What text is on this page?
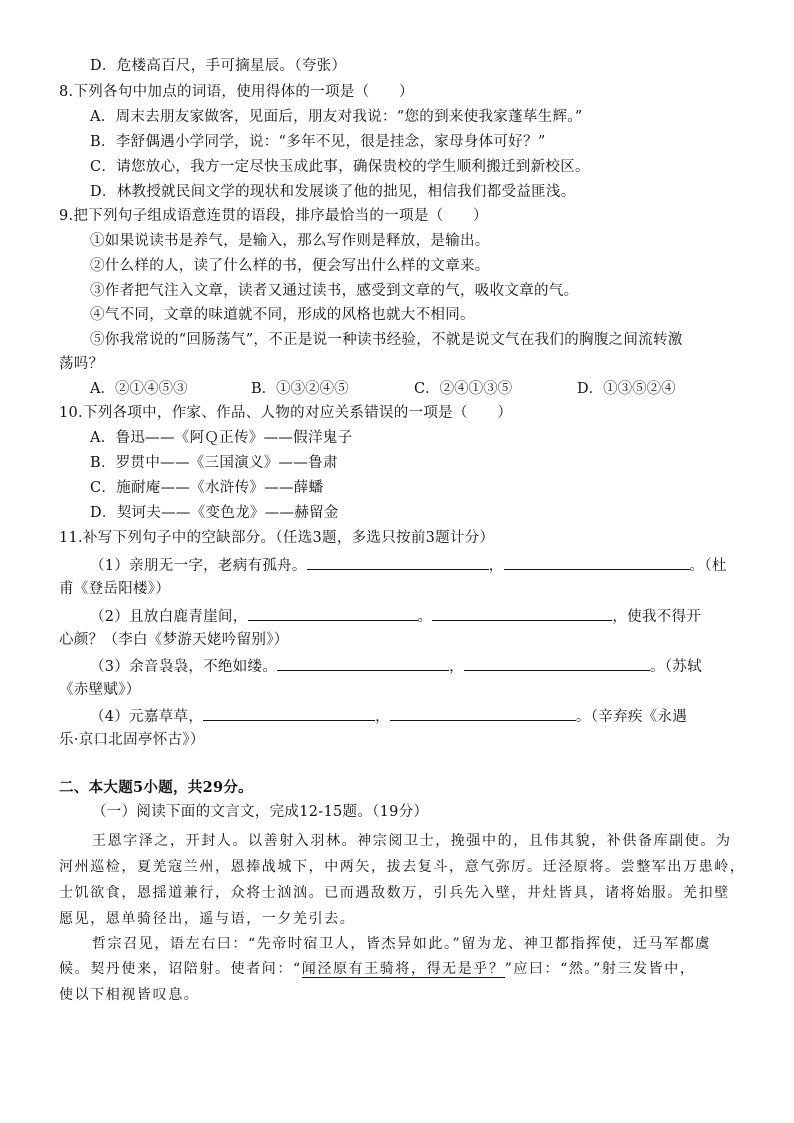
D．危楼高百尺，手可摘星辰。（夸张）
8.下列各句中加点的词语，使用得体的一项是（　　）
A．周末去朋友家做客，见面后，朋友对我说：“您的到来使我家蓬荜生辉。”
B．李舒偶遇小学同学，说：“多年不见，很是挂念，家母身体可好？”
C．请您放心，我方一定尽快玉成此事，确保贵校的学生顺利搬迁到新校区。
D．林教授就民间文学的现状和发展谈了他的拙见，相信我们都受益匪浅。
9.把下列句子组成语意连贯的语段，排序最恰当的一项是（　　）
①如果说读书是养气，是输入，那么写作则是释放，是输出。
②什么样的人，读了什么样的书，便会写出什么样的文章来。
③作者把气注入文章，读者又通过读书，感受到文章的气，吸收文章的气。
④气不同，文章的味道就不同，形成的风格也就大不相同。
⑤你我常说的“回肠荡气”，不正是说一种读书经验，不就是说文气在我们的胸腹之间流转激
荡吗？
A．②①④⑤③	B．①③②④⑤	C．②④①③⑤	D．①③⑤②④
10.下列各项中，作家、作品、人物的对应关系错误的一项是（　　）
A．鲁迅——《阿Ｑ正传》——假洋鬼子
B．罗贯中——《三国演义》——鲁肃
C．施耐庵——《水浒传》——薛蟠
D．契诃夫——《变色龙》——赫留金
11.补写下列句子中的空缺部分。（任选3题，多选只按前3题计分）
（1）亲朋无一字，老病有孤舟。	，	。（杜
甫《登岳阳楼》）
（2）且放白鹿青崖间，	。	，使我不得开
心颜？（李白《梦游天姥吟留别》）
（3）余音袅袅，不绝如缕。	，	。（苏轼
《赤壁赋》）
（4）元嘉草草，	，	。（辛弃疾《永遇
乐·京口北固亭怀古》）
二、本大题5小题，共29分。
（一）阅读下面的文言文，完成12-15题。（19分）
王恩字泽之，开封人。以善射入羽林。神宗阅卫士，挽强中的，且伟其貌，补供备库副使。为
河州巡检，夏羌寇兰州，恩捧战城下，中两矢，拔去复斗，意气弥厉。迁泾原将。尝整军出万患岭，
士饥欲食，恩揺道兼行，众将士汹汹。已而遇敌数万，引兵先入壁，井灶皆具，诸将始服。羌扣壁
愿见，恩单骑径出，遥与语，一夕羌引去。
哲宗召见，语左右曰：“先帝时宿卫人，皆杰异如此。”留为龙、神卫都指挥使，迁马军都虞
候。契丹使来，诏陪射。使者问：“闻泾原有王骑将，得无是乎？”应曰：“然。”射三发皆中，
使以下相视皆叹息。
